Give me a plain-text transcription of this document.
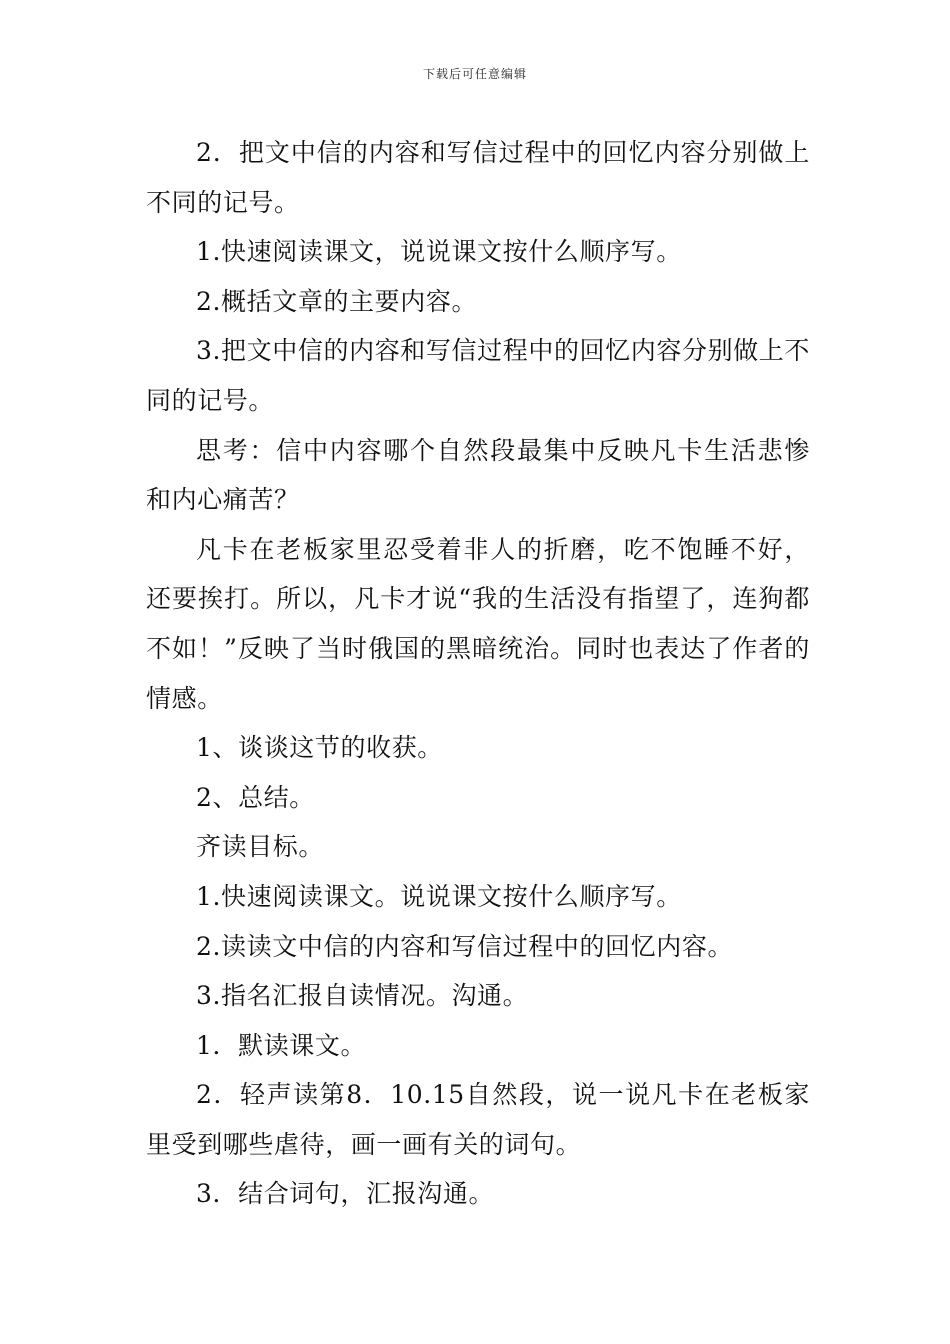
下载后可任意编辑

2．把文中信的内容和写信过程中的回忆内容分别做上不同的记号。

1.快速阅读课文，说说课文按什么顺序写。

2.概括文章的主要内容。

3.把文中信的内容和写信过程中的回忆内容分别做上不同的记号。

思考：信中内容哪个自然段最集中反映凡卡生活悲惨和内心痛苦？

凡卡在老板家里忍受着非人的折磨，吃不饱睡不好，还要挨打。所以，凡卡才说“我的生活没有指望了，连狗都不如！”反映了当时俄国的黑暗统治。同时也表达了作者的情感。

1、谈谈这节的收获。

2、总结。

齐读目标。

1.快速阅读课文。说说课文按什么顺序写。

2.读读文中信的内容和写信过程中的回忆内容。

3.指名汇报自读情况。沟通。

1．默读课文。

2．轻声读第8．10.15自然段，说一说凡卡在老板家里受到哪些虐待，画一画有关的词句。

3．结合词句，汇报沟通。
